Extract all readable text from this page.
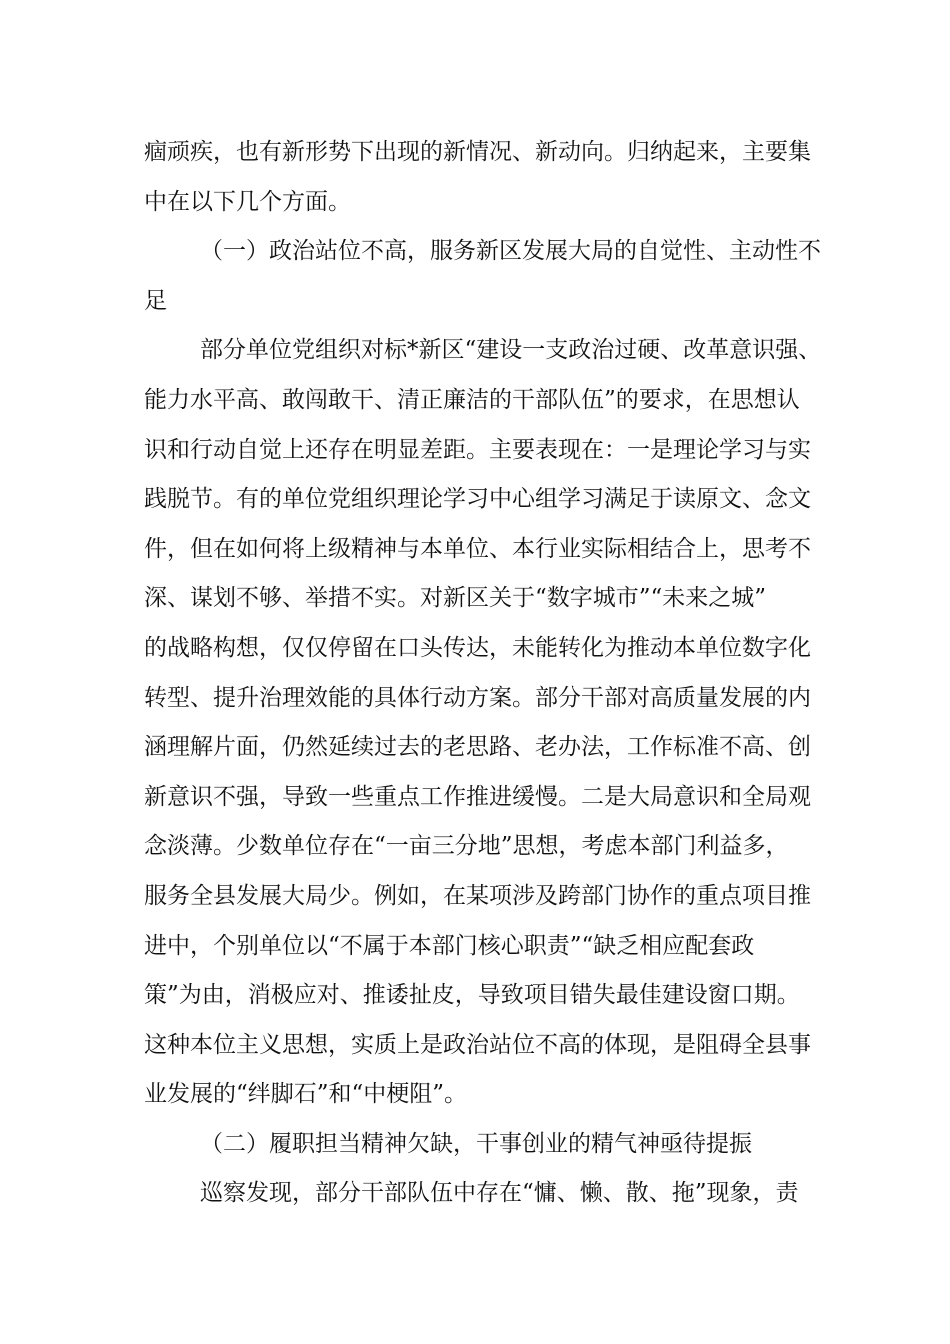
痼顽疾，也有新形势下出现的新情况、新动向。归纳起来，主要集
中在以下几个方面。
（一）政治站位不高，服务新区发展大局的自觉性、主动性不
足
部分单位党组织对标*新区“建设一支政治过硬、改革意识强、
能力水平高、敢闯敢干、清正廉洁的干部队伍”的要求，在思想认
识和行动自觉上还存在明显差距。主要表现在：一是理论学习与实
践脱节。有的单位党组织理论学习中心组学习满足于读原文、念文
件，但在如何将上级精神与本单位、本行业实际相结合上，思考不
深、谋划不够、举措不实。对新区关于“数字城市”“未来之城”
的战略构想，仅仅停留在口头传达，未能转化为推动本单位数字化
转型、提升治理效能的具体行动方案。部分干部对高质量发展的内
涵理解片面，仍然延续过去的老思路、老办法，工作标准不高、创
新意识不强，导致一些重点工作推进缓慢。二是大局意识和全局观
念淡薄。少数单位存在“一亩三分地”思想，考虑本部门利益多，
服务全县发展大局少。例如，在某项涉及跨部门协作的重点项目推
进中，个别单位以“不属于本部门核心职责”“缺乏相应配套政
策”为由，消极应对、推诿扯皮，导致项目错失最佳建设窗口期。
这种本位主义思想，实质上是政治站位不高的体现，是阻碍全县事
业发展的“绊脚石”和“中梗阻”。
（二）履职担当精神欠缺，干事创业的精气神亟待提振
巡察发现，部分干部队伍中存在“慵、懒、散、拖”现象，责
